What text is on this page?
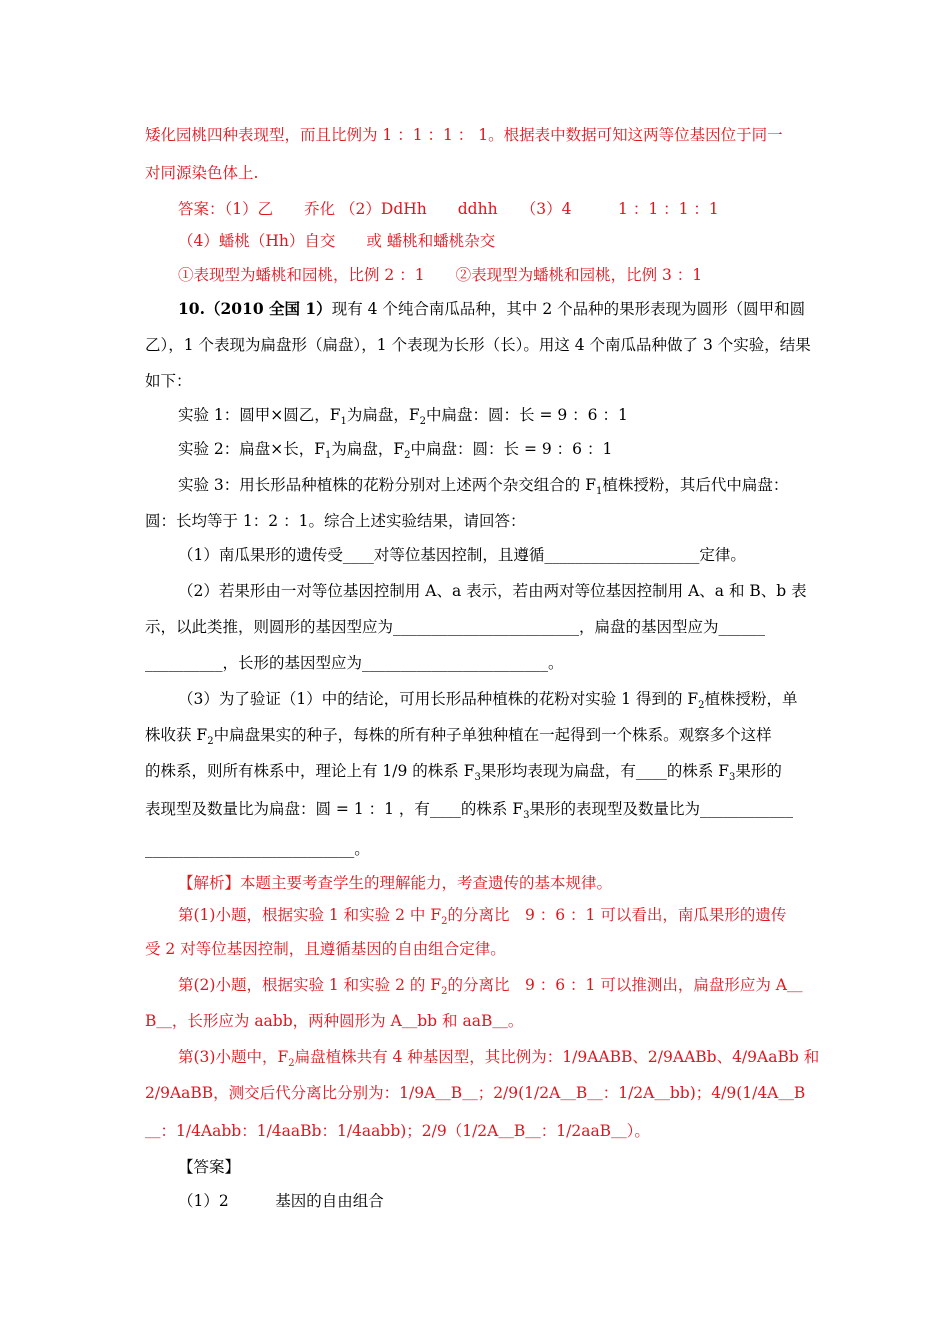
矮化园桃四种表现型，而且比例为 1 ：1 ：1 ： 1。根据表中数据可知这两等位基因位于同一
对同源染色体上.
答案：（1）乙　　乔化 （2）DdHh　　ddhh　　（3）4　　　1 ：1 ：1 ：1
（4）蟠桃（Hh）自交　　或 蟠桃和蟠桃杂交
①表现型为蟠桃和园桃，比例 2 ：1　　②表现型为蟠桃和园桃，比例 3 ：1
10.（2010 全国 1）现有 4 个纯合南瓜品种，其中 2 个品种的果形表现为圆形（圆甲和圆
乙），1 个表现为扁盘形（扁盘），1 个表现为长形（长）。用这 4 个南瓜品种做了 3 个实验，结果
如下：
实验 1：圆甲×圆乙，$F_1$为扁盘，$F_2$中扁盘：圆：长 = 9 ：6 ：1
实验 2：扁盘×长，$F_1$为扁盘，$F_2$中扁盘：圆：长 = 9 ：6 ：1
实验 3：用长形品种植株的花粉分别对上述两个杂交组合的 $F_1$植株授粉，其后代中扁盘：
圆：长均等于 1：2 ：1。综合上述实验结果，请回答：
（1）南瓜果形的遗传受____对等位基因控制，且遵循____________________定律。
（2）若果形由一对等位基因控制用 A、a 表示，若由两对等位基因控制用 A、a 和 B、b 表
示，以此类推，则圆形的基因型应为________________________，扁盘的基因型应为______
__________，长形的基因型应为________________________。
（3）为了验证（1）中的结论，可用长形品种植株的花粉对实验 1 得到的 $F_2$植株授粉，单
株收获 $F_2$中扁盘果实的种子，每株的所有种子单独种植在一起得到一个株系。观察多个这样
的株系，则所有株系中，理论上有 1/9 的株系 $F_3$果形均表现为扁盘，有____的株系 $F_3$果形的
表现型及数量比为扁盘：圆 = 1 ：1 ，有____的株系 $F_3$果形的表现型及数量比为____________
___________________________。
【解析】本题主要考查学生的理解能力，考查遗传的基本规律。
第(1)小题，根据实验 1 和实验 2 中 $F_2$的分离比　9 ：6 ：1 可以看出，南瓜果形的遗传
受 2 对等位基因控制，且遵循基因的自由组合定律。
第(2)小题，根据实验 1 和实验 2 的 $F_2$的分离比　9 ：6 ：1 可以推测出，扁盘形应为 A＿
B＿，长形应为 aabb，两种圆形为 A＿bb 和 aaB＿。
第(3)小题中，$F_2$扁盘植株共有 4 种基因型，其比例为：1/9AABB、2/9AABb、4/9AaBb 和
2/9AaBB，测交后代分离比分别为：1/9A＿B＿；2/9(1/2A＿B＿：1/2A＿bb)；4/9(1/4A＿B
＿：1/4Aabb：1/4aaBb：1/4aabb)；2/9（1/2A＿B＿：1/2aaB＿）。
【答案】
（1）2　　　基因的自由组合
